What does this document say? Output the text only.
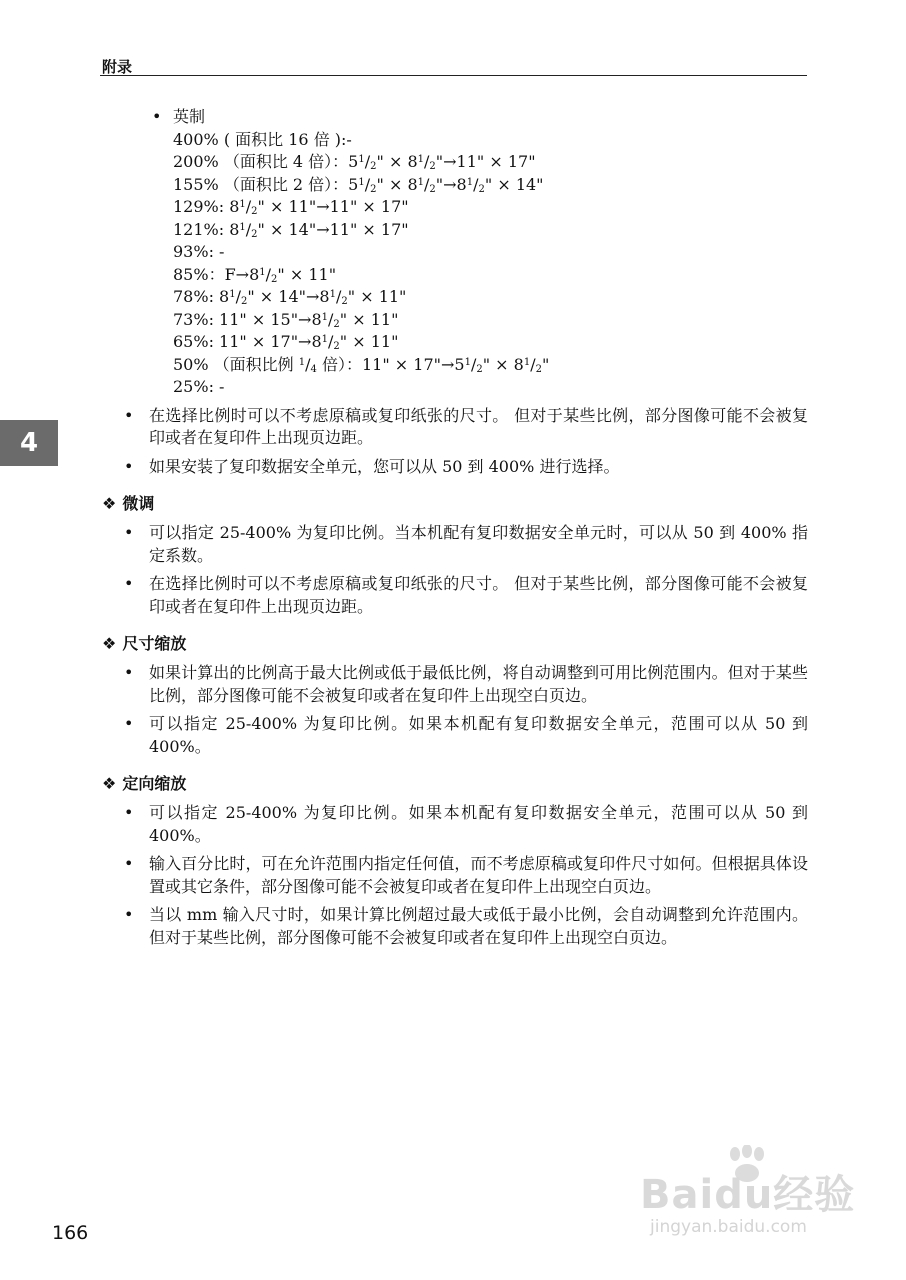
附录
4
• 英制
400% ( 面积比 16 倍 ):-
200% （面积比 4 倍）：$5^1/_2$" × $8^1/_2"\to 11$" × 17"
155% （面积比 2 倍）：$5^1/_2$" × $8^1/_2"\to 8^1/_2$" × 14"
129%: $8^1/_2$" × 11"→11" × 17"
121%: $8^1/_2$" × 14"→11" × 17"
93%: -
85%：$F\to 8^1/_2$" × 11"
78%: $8^1/_2$" × $14"\to 8^1/_2$" × 11"
73%: 11" × $15"\to 8^1/_2$" × 11"
65%: 11" × $17"\to 8^1/_2$" × 11"
50% （面积比例 $^1/_4$ 倍）：11" × $17"\to 5^1/_2$" × $8^1/_2$"
25%: -
• 在选择比例时可以不考虑原稿或复印纸张的尺寸。 但对于某些比例，部分图像可能不会被复印或者在复印件上出现页边距。
• 如果安装了复印数据安全单元，您可以从 50 到 400% 进行选择。
❖ 微调
• 可以指定 25-400% 为复印比例。当本机配有复印数据安全单元时，可以从 50 到 400% 指定系数。
• 在选择比例时可以不考虑原稿或复印纸张的尺寸。 但对于某些比例，部分图像可能不会被复印或者在复印件上出现页边距。
❖ 尺寸缩放
• 如果计算出的比例高于最大比例或低于最低比例，将自动调整到可用比例范围内。但对于某些比例，部分图像可能不会被复印或者在复印件上出现空白页边。
• 可以指定 25-400% 为复印比例。如果本机配有复印数据安全单元，范围可以从 50 到 400%。
❖ 定向缩放
• 可以指定 25-400% 为复印比例。如果本机配有复印数据安全单元，范围可以从 50 到 400%。
• 输入百分比时，可在允许范围内指定任何值，而不考虑原稿或复印件尺寸如何。但根据具体设置或其它条件，部分图像可能不会被复印或者在复印件上出现空白页边。
• 当以 mm 输入尺寸时，如果计算比例超过最大或低于最小比例，会自动调整到允许范围内。但对于某些比例，部分图像可能不会被复印或者在复印件上出现空白页边。
166
Baidu经验
jingyan.baidu.com
